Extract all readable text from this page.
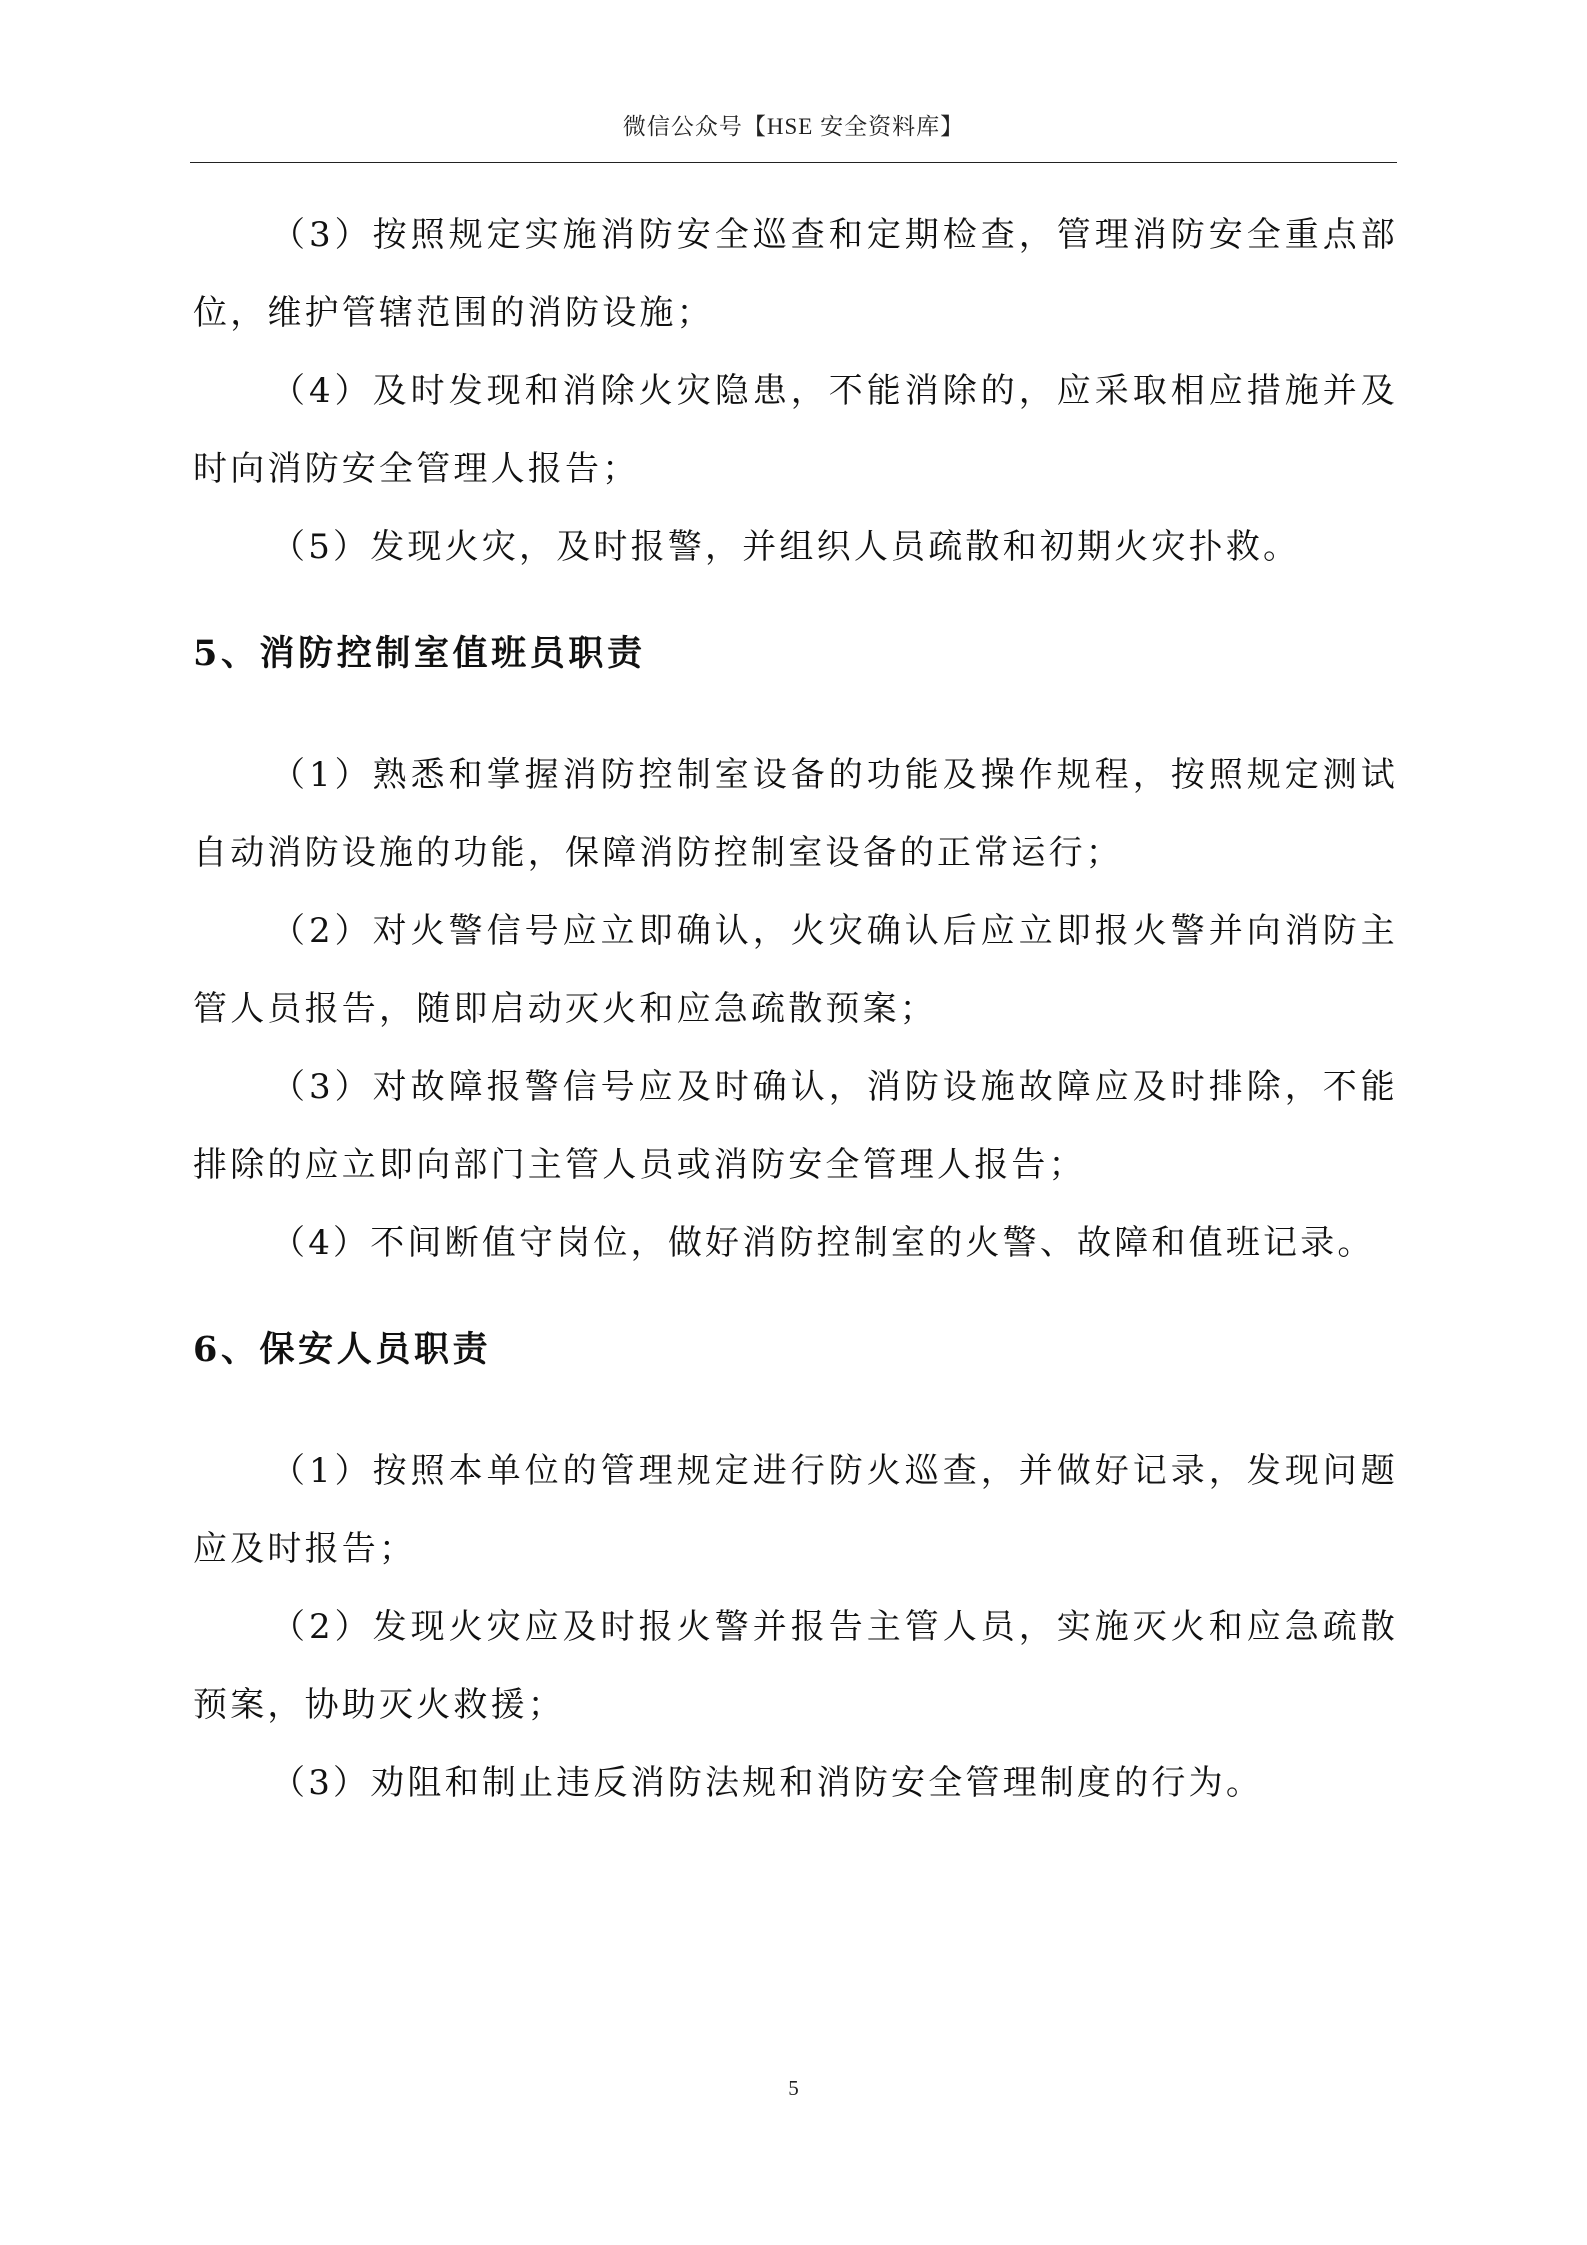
微信公众号【HSE 安全资料库】

（3）按照规定实施消防安全巡查和定期检查，管理消防安全重点部位，维护管辖范围的消防设施；

（4）及时发现和消除火灾隐患，不能消除的，应采取相应措施并及时向消防安全管理人报告；

（5）发现火灾，及时报警，并组织人员疏散和初期火灾扑救。

5、消防控制室值班员职责

（1）熟悉和掌握消防控制室设备的功能及操作规程，按照规定测试自动消防设施的功能，保障消防控制室设备的正常运行；

（2）对火警信号应立即确认，火灾确认后应立即报火警并向消防主管人员报告，随即启动灭火和应急疏散预案；

（3）对故障报警信号应及时确认，消防设施故障应及时排除，不能排除的应立即向部门主管人员或消防安全管理人报告；

（4）不间断值守岗位，做好消防控制室的火警、故障和值班记录。

6、保安人员职责

（1）按照本单位的管理规定进行防火巡查，并做好记录，发现问题应及时报告；

（2）发现火灾应及时报火警并报告主管人员，实施灭火和应急疏散预案，协助灭火救援；

（3）劝阻和制止违反消防法规和消防安全管理制度的行为。

5
